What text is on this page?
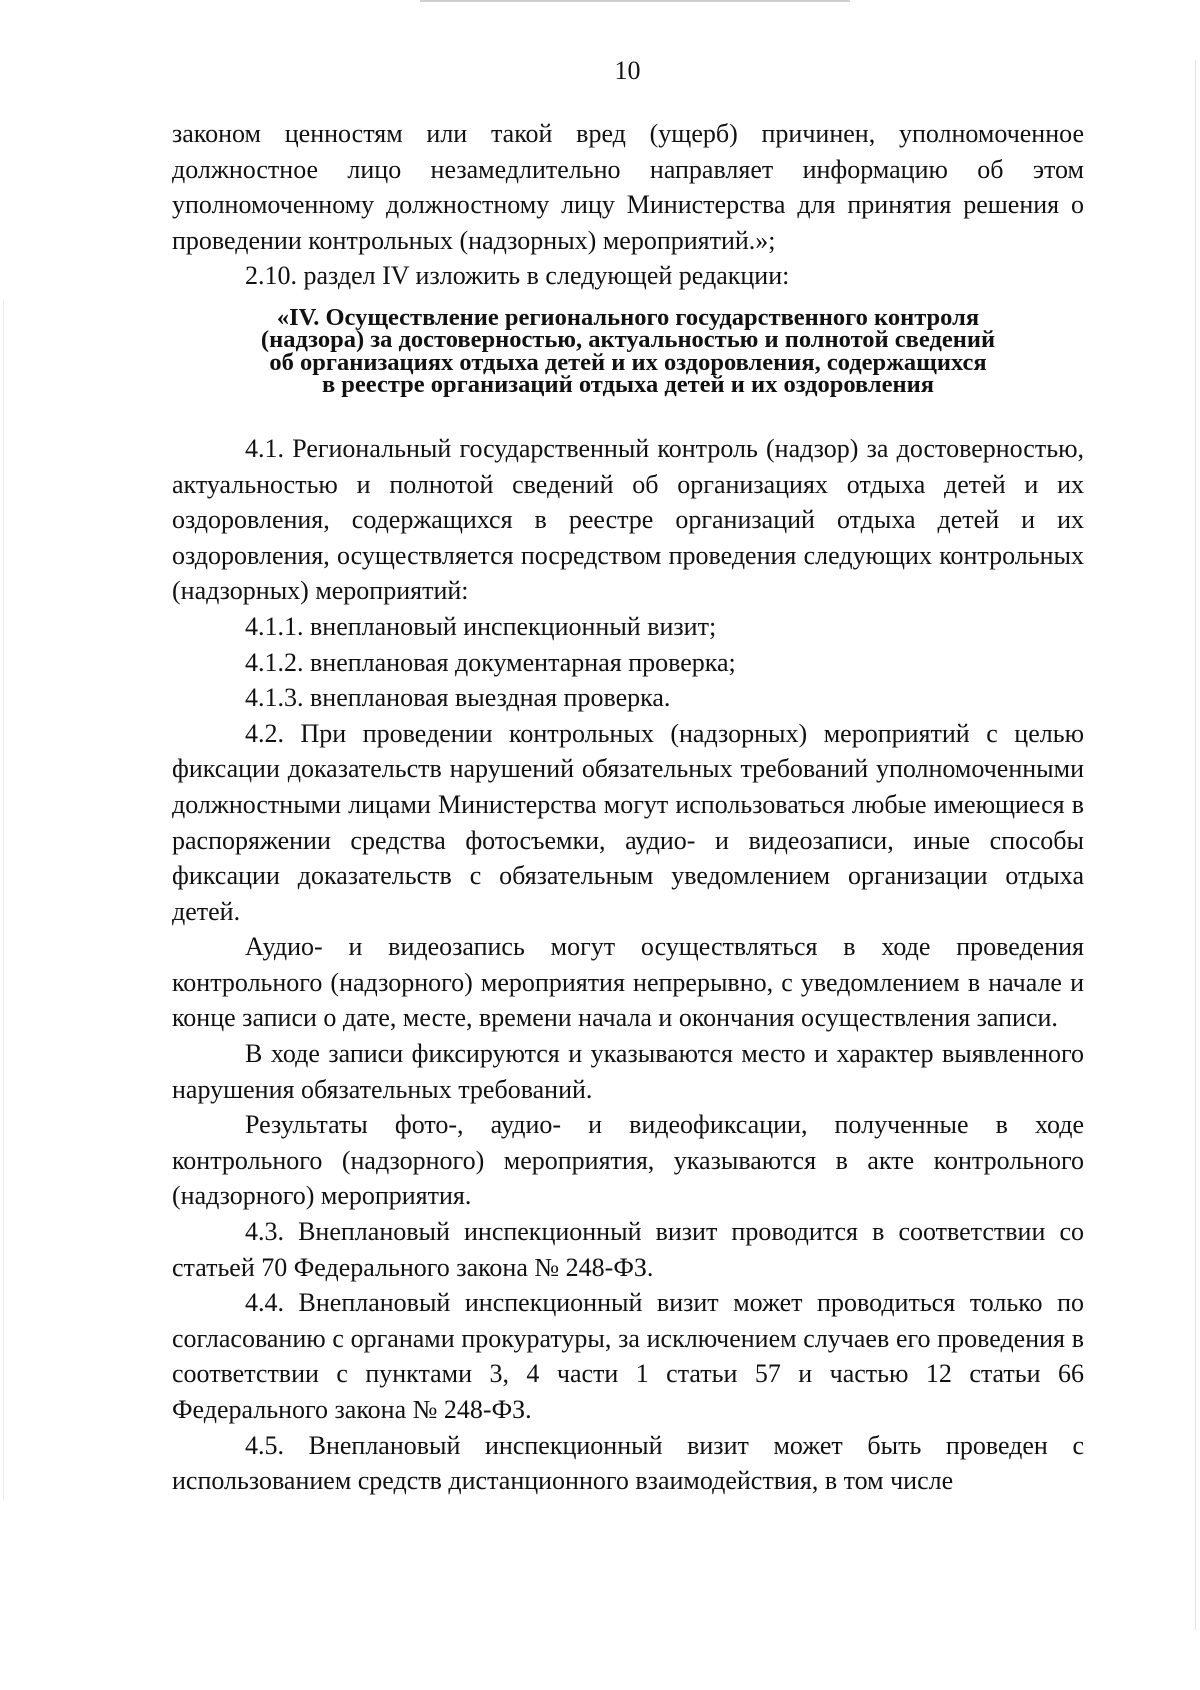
10

законом ценностям или такой вред (ущерб) причинен, уполномоченное должностное лицо незамедлительно направляет информацию об этом уполномоченному должностному лицу Министерства для принятия решения о проведении контрольных (надзорных) мероприятий.»;

2.10. раздел IV изложить в следующей редакции:

«IV. Осуществление регионального государственного контроля
(надзора) за достоверностью, актуальностью и полнотой сведений
об организациях отдыха детей и их оздоровления, содержащихся
в реестре организаций отдыха детей и их оздоровления

4.1. Региональный государственный контроль (надзор) за достоверностью, актуальностью и полнотой сведений об организациях отдыха детей и их оздоровления, содержащихся в реестре организаций отдыха детей и их оздоровления, осуществляется посредством проведения следующих контрольных (надзорных) мероприятий:

4.1.1. внеплановый инспекционный визит;

4.1.2. внеплановая документарная проверка;

4.1.3. внеплановая выездная проверка.

4.2. При проведении контрольных (надзорных) мероприятий с целью фиксации доказательств нарушений обязательных требований уполномоченными должностными лицами Министерства могут использоваться любые имеющиеся в распоряжении средства фотосъемки, аудио- и видеозаписи, иные способы фиксации доказательств с обязательным уведомлением организации отдыха детей.

Аудио- и видеозапись могут осуществляться в ходе проведения контрольного (надзорного) мероприятия непрерывно, с уведомлением в начале и конце записи о дате, месте, времени начала и окончания осуществления записи.

В ходе записи фиксируются и указываются место и характер выявленного нарушения обязательных требований.

Результаты фото-, аудио- и видеофиксации, полученные в ходе контрольного (надзорного) мероприятия, указываются в акте контрольного (надзорного) мероприятия.

4.3. Внеплановый инспекционный визит проводится в соответствии со статьей 70 Федерального закона № 248-ФЗ.

4.4. Внеплановый инспекционный визит может проводиться только по согласованию с органами прокуратуры, за исключением случаев его проведения в соответствии с пунктами 3, 4 части 1 статьи 57 и частью 12 статьи 66 Федерального закона № 248-ФЗ.

4.5. Внеплановый инспекционный визит может быть проведен с использованием средств дистанционного взаимодействия, в том числе
